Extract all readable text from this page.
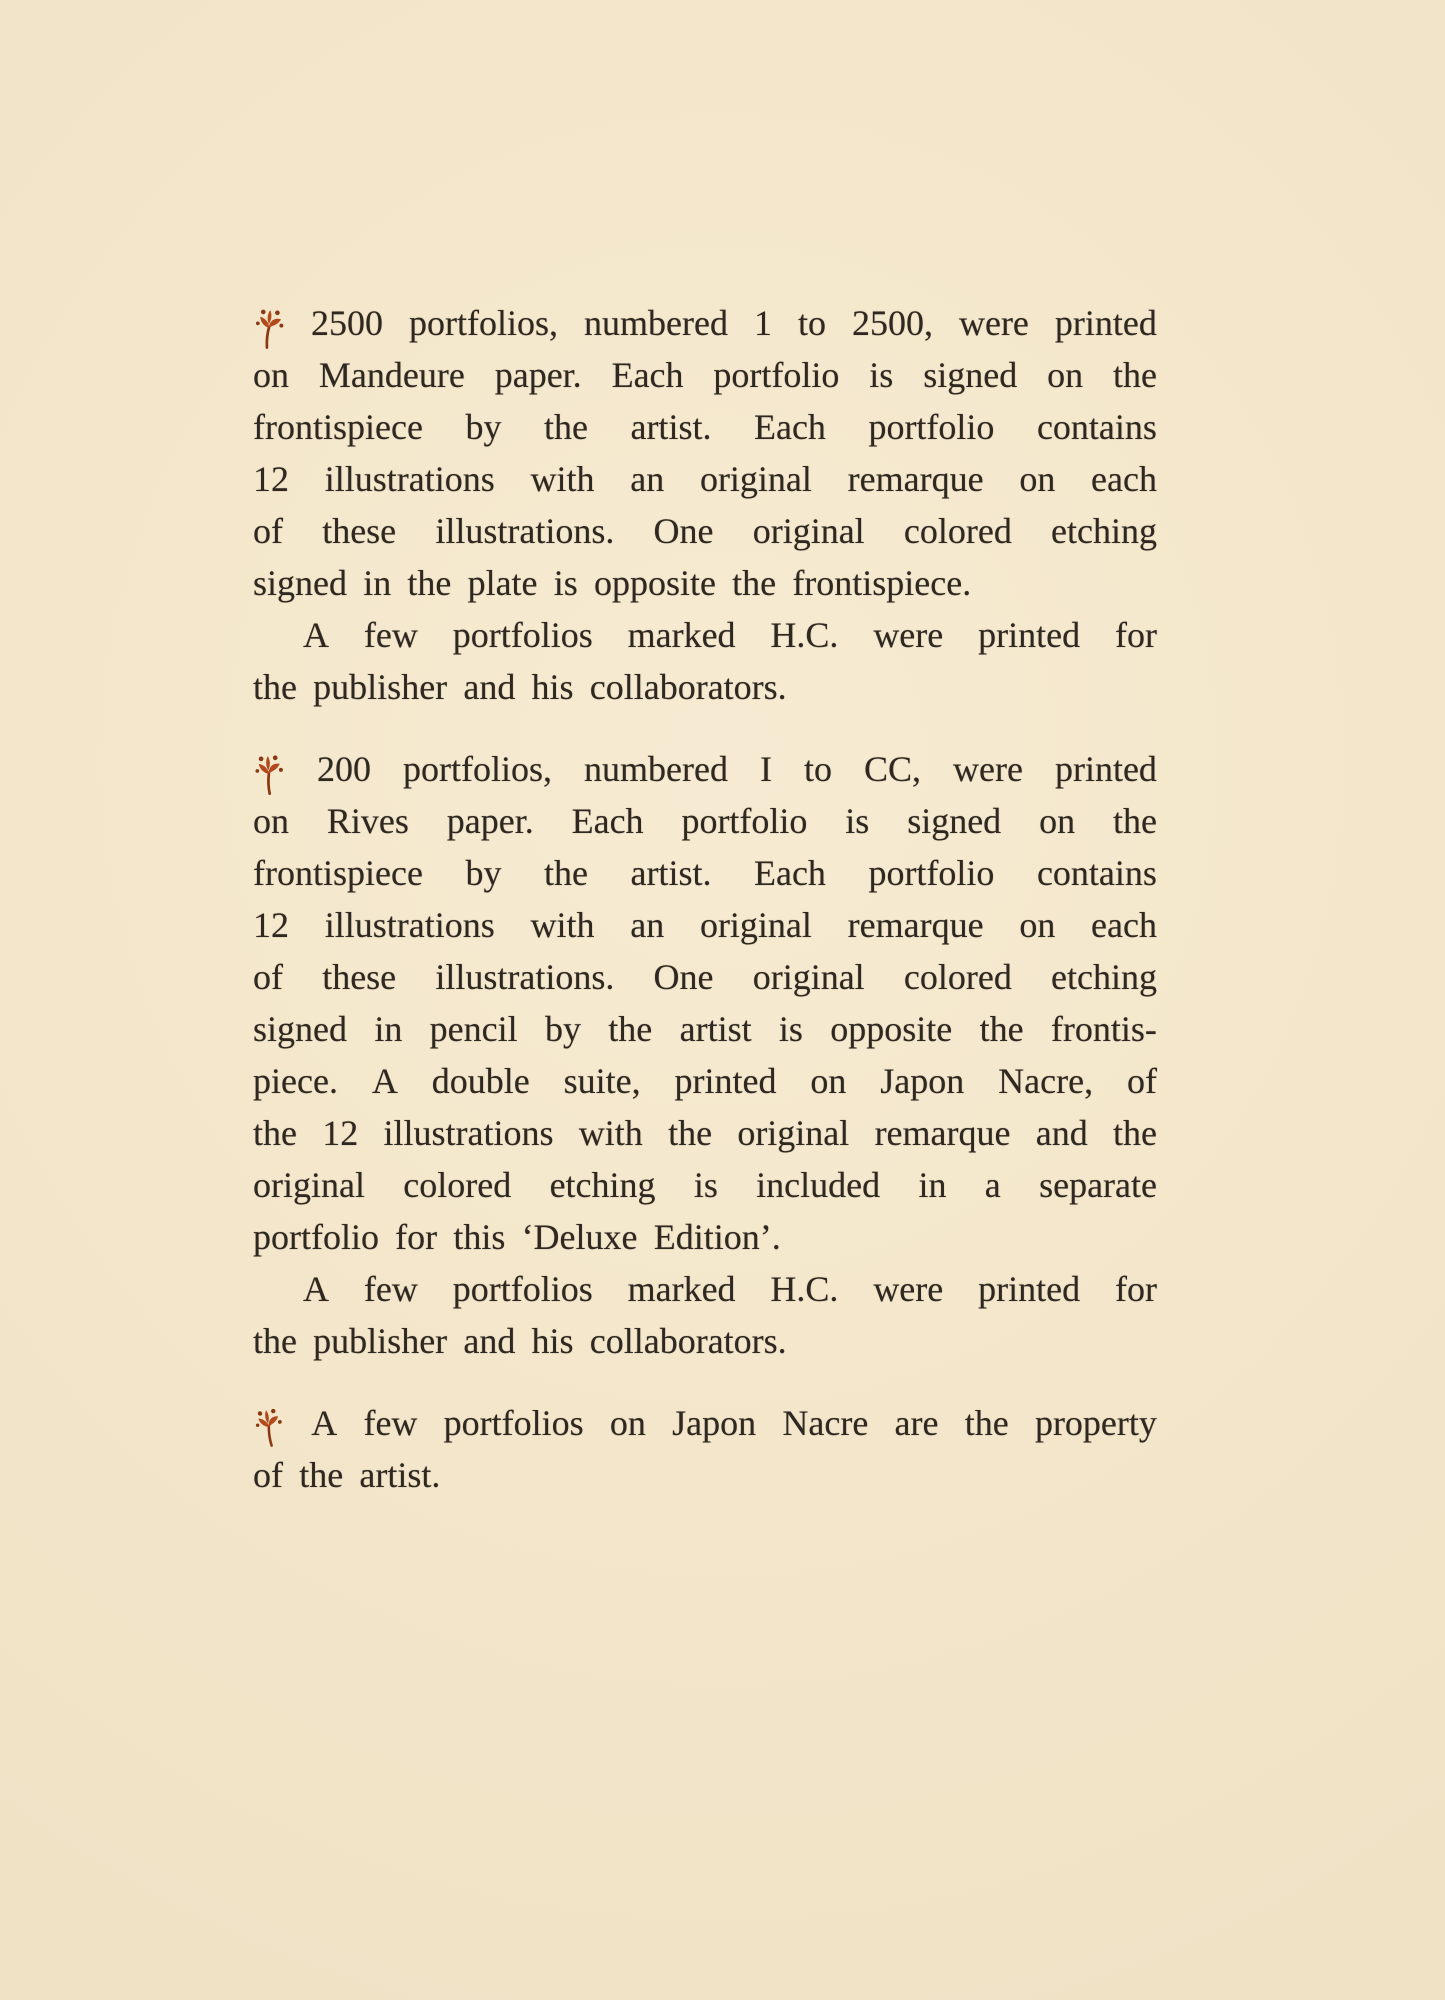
2500 portfolios, numbered 1 to 2500, were printed
on Mandeure paper. Each portfolio is signed on the
frontispiece by the artist. Each portfolio contains
12 illustrations with an original remarque on each
of these illustrations. One original colored etching
signed in the plate is opposite the frontispiece.
A few portfolios marked H.C. were printed for
the publisher and his collaborators.
200 portfolios, numbered I to CC, were printed
on Rives paper. Each portfolio is signed on the
frontispiece by the artist. Each portfolio contains
12 illustrations with an original remarque on each
of these illustrations. One original colored etching
signed in pencil by the artist is opposite the frontis-
piece. A double suite, printed on Japon Nacre, of
the 12 illustrations with the original remarque and the
original colored etching is included in a separate
portfolio for this ‘Deluxe Edition’.
A few portfolios marked H.C. were printed for
the publisher and his collaborators.
A few portfolios on Japon Nacre are the property
of the artist.
